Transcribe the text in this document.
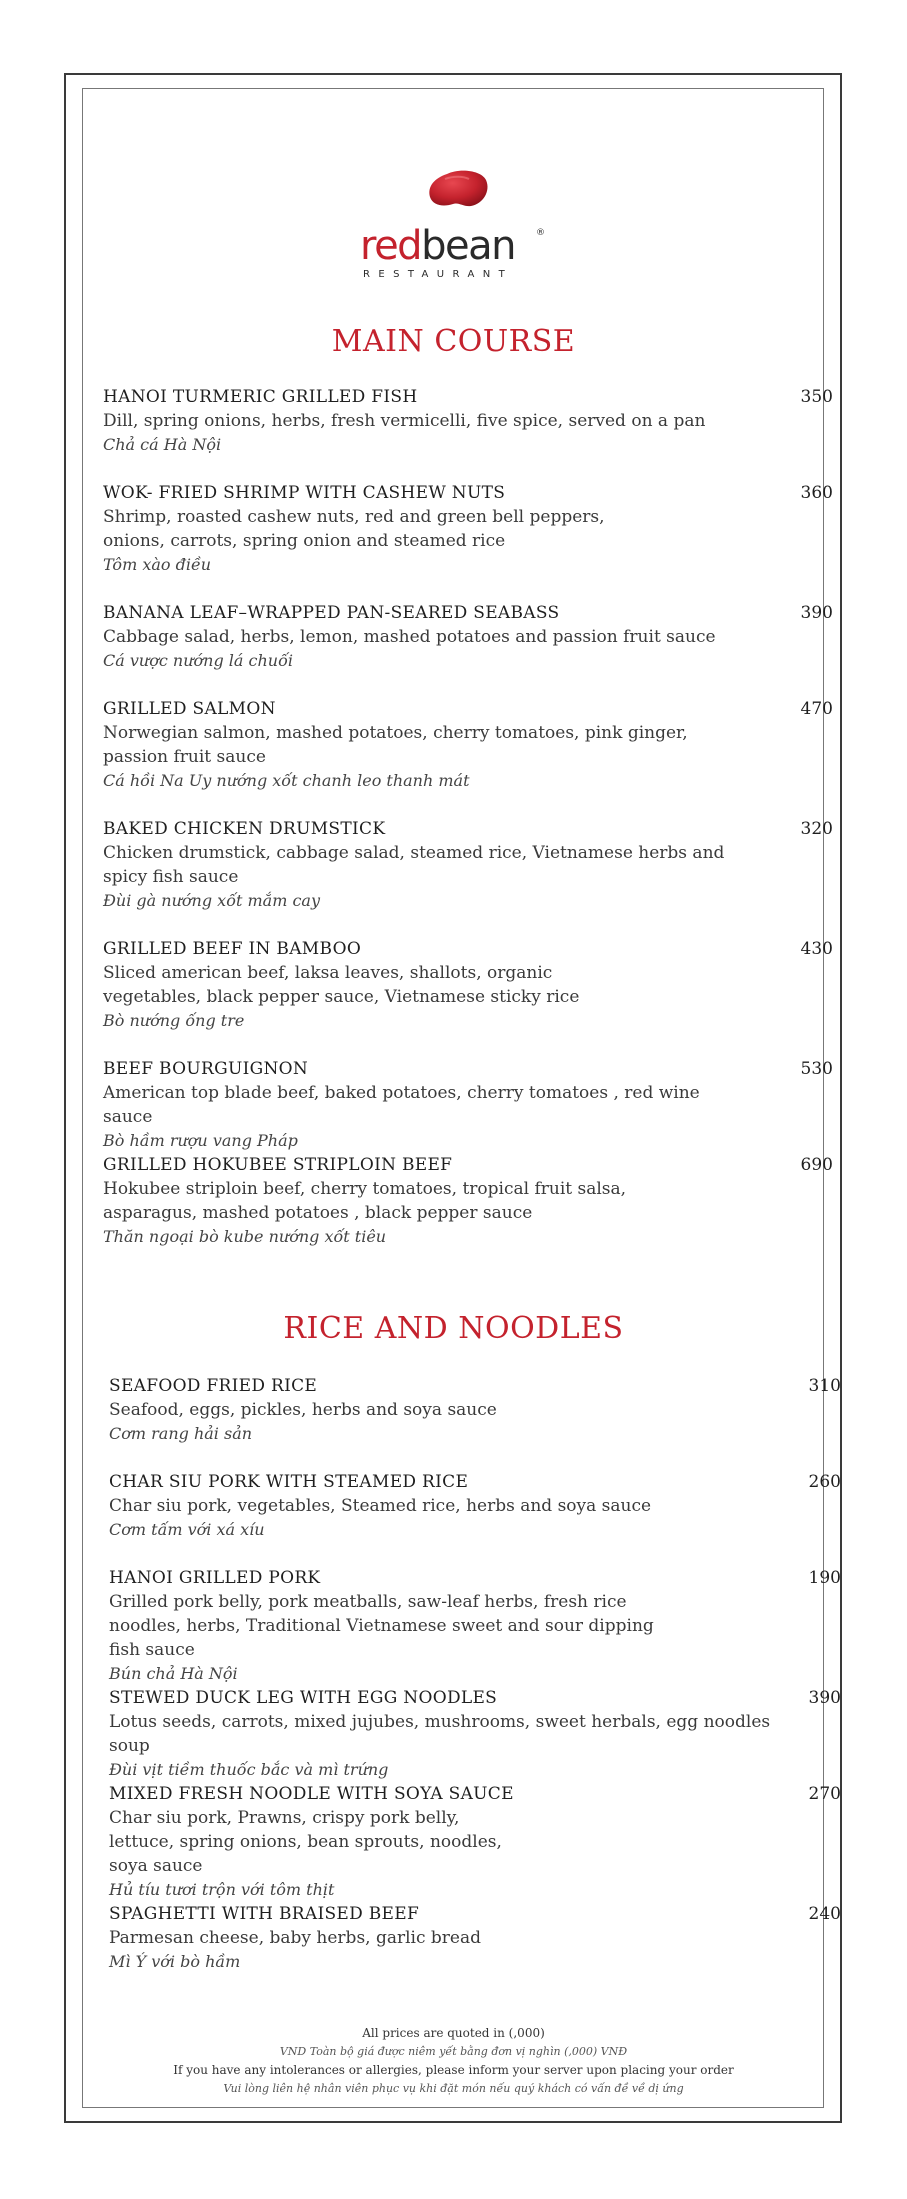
redbean ®
RESTAURANT
MAIN COURSE
HANOI TURMERIC GRILLED FISH	350
Dill, spring onions, herbs, fresh vermicelli, five spice, served on a pan
Chả cá Hà Nội
WOK- FRIED SHRIMP WITH CASHEW NUTS	360
Shrimp, roasted cashew nuts, red and green bell peppers, onions, carrots, spring onion and steamed rice
Tôm xào điều
BANANA LEAF–WRAPPED PAN-SEARED SEABASS	390
Cabbage salad, herbs, lemon, mashed potatoes and passion fruit sauce
Cá vược nướng lá chuối
GRILLED SALMON	470
Norwegian salmon, mashed potatoes, cherry tomatoes, pink ginger, passion fruit sauce
Cá hồi Na Uy nướng xốt chanh leo thanh mát
BAKED CHICKEN DRUMSTICK	320
Chicken drumstick, cabbage salad, steamed rice, Vietnamese herbs and spicy fish sauce
Đùi gà nướng xốt mắm cay
GRILLED BEEF IN BAMBOO	430
Sliced american beef, laksa leaves, shallots, organic vegetables, black pepper sauce, Vietnamese sticky rice
Bò nướng ống tre
BEEF BOURGUIGNON	530
American top blade beef, baked potatoes, cherry tomatoes , red wine sauce
Bò hầm rượu vang Pháp
GRILLED HOKUBEE STRIPLOIN BEEF	690
Hokubee striploin beef, cherry tomatoes, tropical fruit salsa, asparagus, mashed potatoes , black pepper sauce
Thăn ngoại bò kube nướng xốt tiêu
RICE AND NOODLES
SEAFOOD FRIED RICE	310
Seafood, eggs, pickles, herbs and soya sauce
Cơm rang hải sản
CHAR SIU PORK WITH STEAMED RICE	260
Char siu pork, vegetables, Steamed rice, herbs and soya sauce
Cơm tấm với xá xíu
HANOI GRILLED PORK	190
Grilled pork belly, pork meatballs, saw-leaf herbs, fresh rice noodles, herbs, Traditional Vietnamese sweet and sour dipping fish sauce
Bún chả Hà Nội
STEWED DUCK LEG WITH EGG NOODLES	390
Lotus seeds, carrots, mixed jujubes, mushrooms, sweet herbals, egg noodles soup
Đùi vịt tiềm thuốc bắc và mì trứng
MIXED FRESH NOODLE WITH SOYA SAUCE	270
Char siu pork, Prawns, crispy pork belly, lettuce, spring onions, bean sprouts, noodles, soya sauce
Hủ tíu tươi trộn với tôm thịt
SPAGHETTI WITH BRAISED BEEF	240
Parmesan cheese, baby herbs, garlic bread
Mì Ý với bò hầm
All prices are quoted in (,000)
VND Toàn bộ giá được niêm yết bằng đơn vị nghìn (,000) VNĐ
If you have any intolerances or allergies, please inform your server upon placing your order
Vui lòng liên hệ nhân viên phục vụ khi đặt món nếu quý khách có vấn đề về dị ứng
